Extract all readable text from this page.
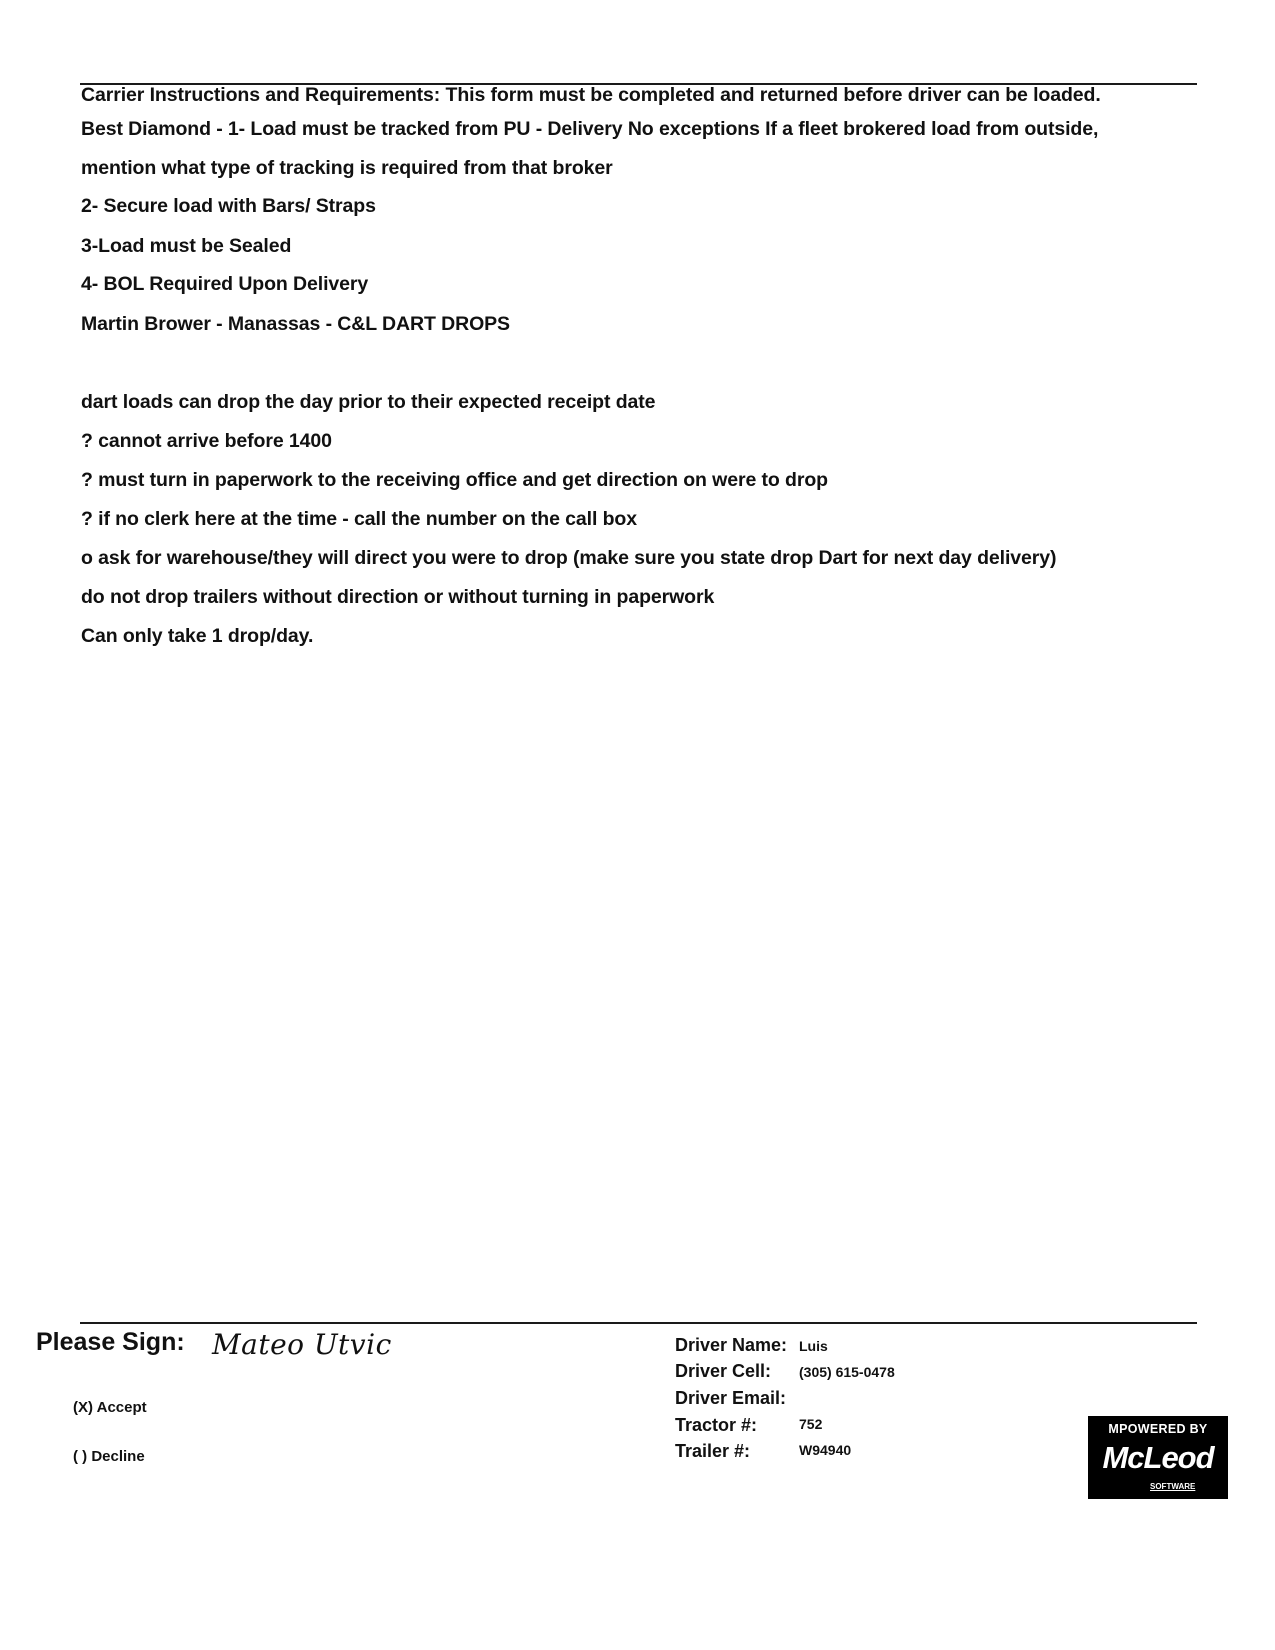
Carrier Instructions and Requirements: This form must be completed and returned before driver can be loaded.
Best Diamond - 1- Load must be tracked from PU - Delivery No exceptions If a fleet brokered load from outside,
mention what type of tracking is required from that broker
2- Secure load with Bars/ Straps
3-Load must be Sealed
4- BOL Required Upon Delivery
Martin Brower - Manassas - C&L DART DROPS
dart loads can drop the day prior to their expected receipt date
? cannot arrive before 1400
? must turn in paperwork to the receiving office and get direction on were to drop
? if no clerk here at the time - call the number on the call box
o ask for warehouse/they will direct you were to drop (make sure you state drop Dart for next day delivery)
do not drop trailers without direction or without turning in paperwork
Can only take 1 drop/day.
Please Sign: Mateo Utvic
(X) Accept
( ) Decline
Driver Name: Luis
Driver Cell: (305) 615-0478
Driver Email:
Tractor #:	752
Trailer #:	W94940
MPOWERED BY
McLeod
SOFTWARE
